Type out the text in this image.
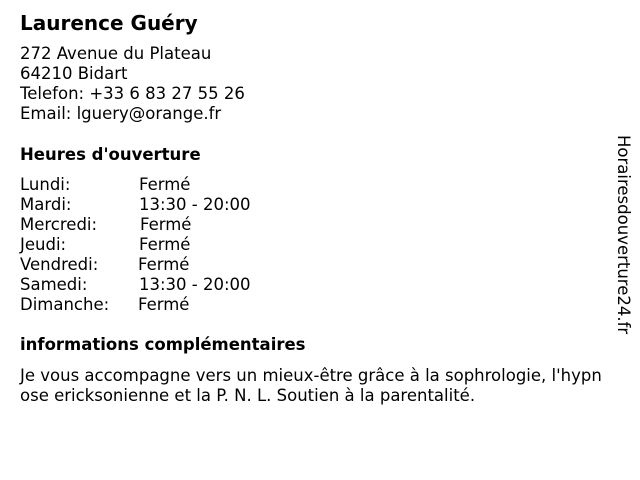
Laurence Guéry
272 Avenue du Plateau
64210 Bidart
Telefon: +33 6 83 27 55 26
Email: lguery@orange.fr
Heures d'ouverture
Lundi:	Fermé
Mardi:	13:30 - 20:00
Mercredi:	Fermé
Jeudi:	Fermé
Vendredi: Fermé
Samedi:	13:30 - 20:00
Dimanche: Fermé
informations complémentaires
Je vous accompagne vers un mieux-être grâce à la sophrologie, l'hypnose ericksonienne et la P. N. L. Soutien à la parentalité.
Horairesdouverture24.fr
